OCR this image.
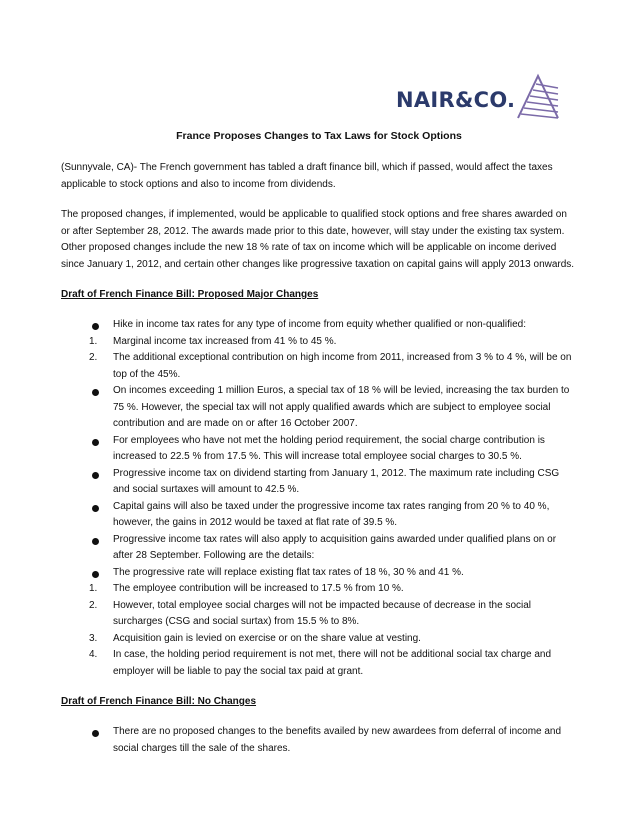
NAIR&CO.
France Proposes Changes to Tax Laws for Stock Options

(Sunnyvale, CA)- The French government has tabled a draft finance bill, which if passed, would affect the taxes applicable to stock options and also to income from dividends.

The proposed changes, if implemented, would be applicable to qualified stock options and free shares awarded on or after September 28, 2012. The awards made prior to this date, however, will stay under the existing tax system. Other proposed changes include the new 18 % rate of tax on income which will be applicable on income derived since January 1, 2012, and certain other changes like progressive taxation on capital gains will apply 2013 onwards.

Draft of French Finance Bill: Proposed Major Changes
Hike in income tax rates for any type of income from equity whether qualified or non-qualified:
1.	Marginal income tax increased from 41 % to 45 %.
2.	The additional exceptional contribution on high income from 2011, increased from 3 % to 4 %, will be on top of the 45%.
On incomes exceeding 1 million Euros, a special tax of 18 % will be levied, increasing the tax burden to 75 %. However, the special tax will not apply qualified awards which are subject to employee social contribution and are made on or after 16 October 2007.
For employees who have not met the holding period requirement, the social charge contribution is increased to 22.5 % from 17.5 %. This will increase total employee social charges to 30.5 %.
Progressive income tax on dividend starting from January 1, 2012. The maximum rate including CSG and social surtaxes will amount to 42.5 %.
Capital gains will also be taxed under the progressive income tax rates ranging from 20 % to 40 %, however, the gains in 2012 would be taxed at flat rate of 39.5 %.
Progressive income tax rates will also apply to acquisition gains awarded under qualified plans on or after 28 September. Following are the details:
The progressive rate will replace existing flat tax rates of 18 %, 30 % and 41 %.
1.	The employee contribution will be increased to 17.5 % from 10 %.
2.	However, total employee social charges will not be impacted because of decrease in the social surcharges (CSG and social surtax) from 15.5 % to 8%.
3.	Acquisition gain is levied on exercise or on the share value at vesting.
4.	In case, the holding period requirement is not met, there will not be additional social tax charge and employer will be liable to pay the social tax paid at grant.
Draft of French Finance Bill: No Changes
There are no proposed changes to the benefits availed by new awardees from deferral of income and social charges till the sale of the shares.
